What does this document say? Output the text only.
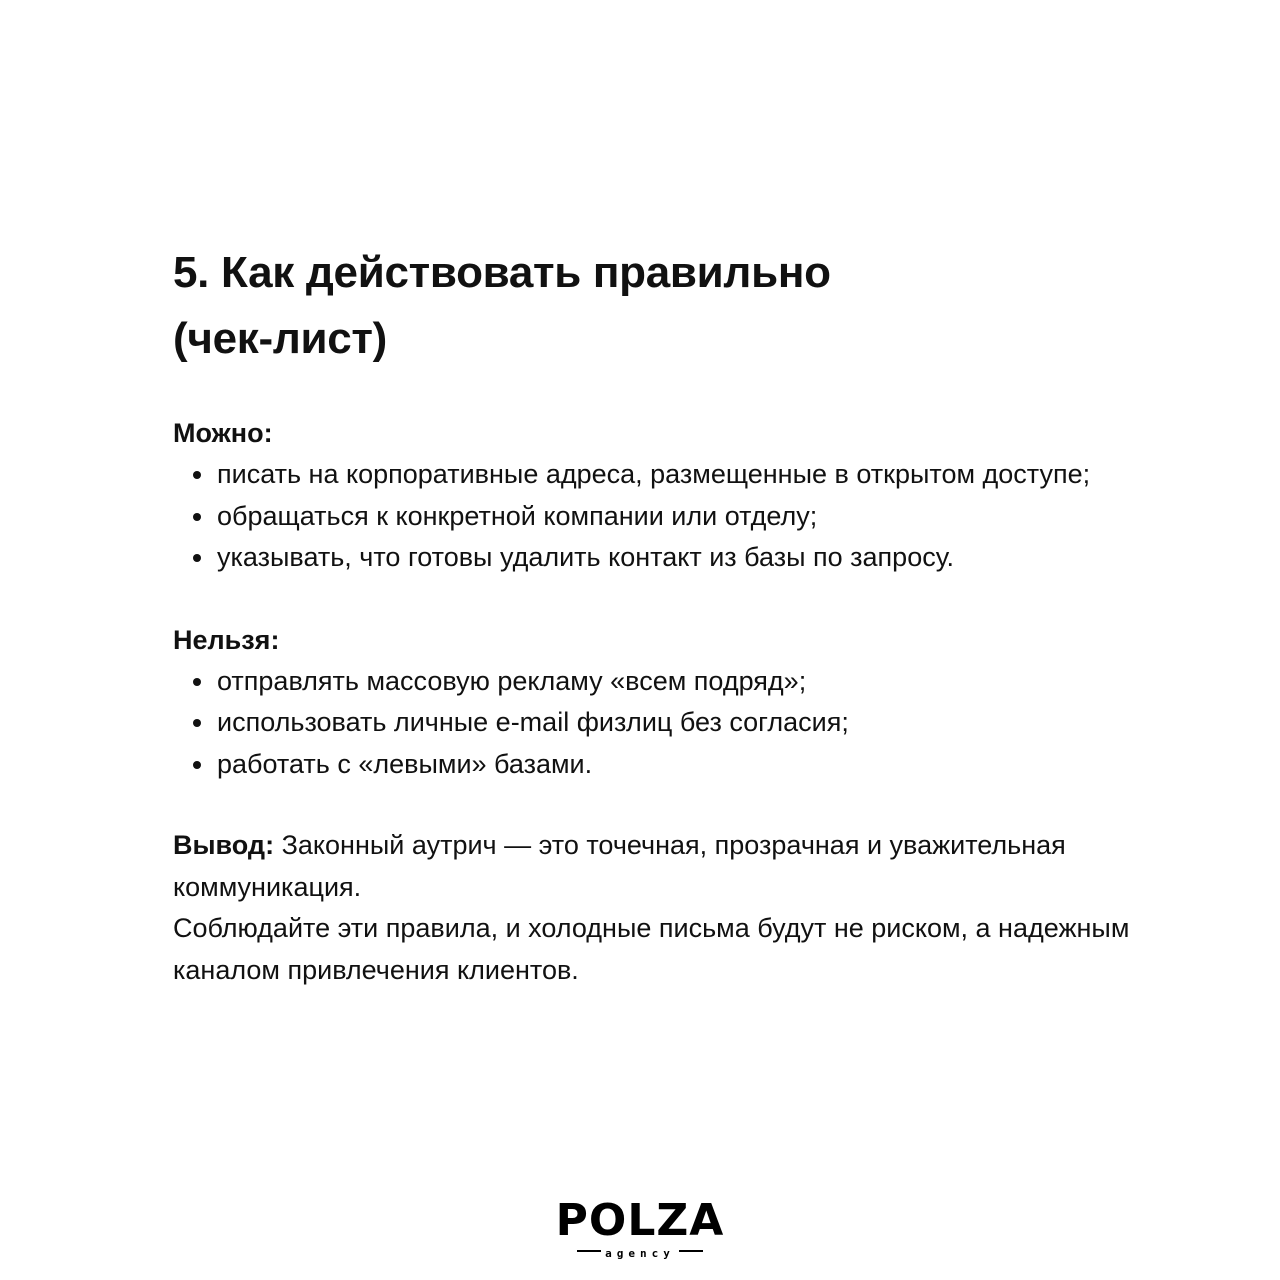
5. Как действовать правильно
(чек-лист)

Можно:

писать на корпоративные адреса, размещенные в открытом доступе;
обращаться к конкретной компании или отделу;
указывать, что готовы удалить контакт из базы по запросу.

Нельзя:

отправлять массовую рекламу «всем подряд»;
использовать личные e-mail физлиц без согласия;
работать с «левыми» базами.

Вывод: Законный аутрич — это точечная, прозрачная и уважительная коммуникация.
Соблюдайте эти правила, и холодные письма будут не риском, а надежным каналом привлечения клиентов.

POLZA
agency
